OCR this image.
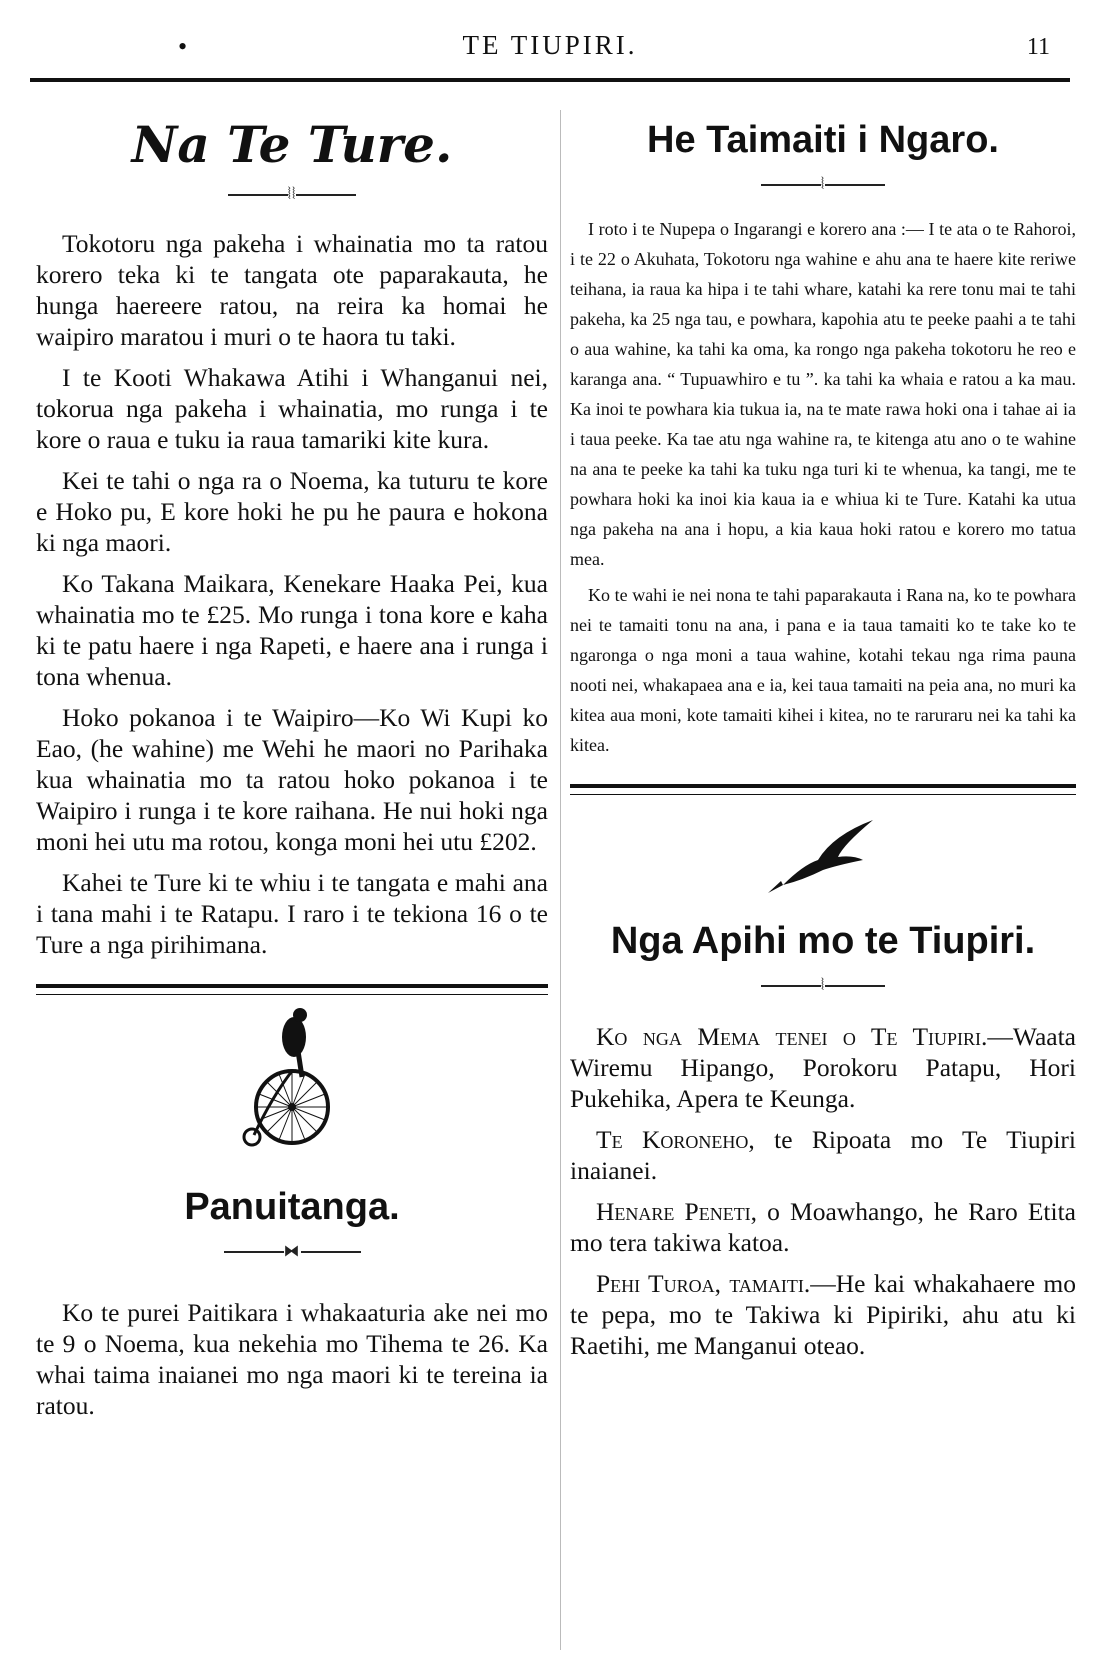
•	TE TIUPIRI.	11
Na Te Ture.
⦚⦚

Tokotoru nga pakeha i whainatia mo ta ratou korero teka ki te tangata ote paparakauta, he hunga haereere ratou, na reira ka homai he waipiro maratou i muri o te haora tu taki.

I te Kooti Whakawa Atihi i Whanganui nei, tokorua nga pakeha i whainatia, mo runga i te kore o raua e tuku ia raua tamariki kite kura.

Kei te tahi o nga ra o Noema, ka tuturu te kore e Hoko pu, E kore hoki he pu he paura e hokona ki nga maori.

Ko Takana Maikara, Kenekare Haaka Pei, kua whainatia mo te £25. Mo runga i tona kore e kaha ki te patu haere i nga Rapeti, e haere ana i runga i tona whenua.

Hoko pokanoa i te Waipiro—Ko Wi Kupi ko Eao, (he wahine) me Wehi he maori no Parihaka kua whainatia mo ta ratou hoko pokanoa i te Waipiro i runga i te kore raihana. He nui hoki nga moni hei utu ma rotou, konga moni hei utu £202.

Kahei te Ture ki te whiu i te tangata e mahi ana i tana mahi i te Ratapu. I raro i te tekiona 16 o te Ture a nga pirihimana.

Panuitanga.
⧓

Ko te purei Paitikara i whakaaturia ake nei mo te 9 o Noema, kua nekehia mo Tihema te 26. Ka whai taima inaianei mo nga maori ki te tereina ia ratou.

He Taimaiti i Ngaro.
⦚

I roto i te Nupepa o Ingarangi e korero ana :— I te ata o te Rahoroi, i te 22 o Akuhata, Tokotoru nga wahine e ahu ana te haere kite reriwe teihana, ia raua ka hipa i te tahi whare, katahi ka rere tonu mai te tahi pakeha, ka 25 nga tau, e powhara, kapohia atu te peeke paahi a te tahi o aua wahine, ka tahi ka oma, ka rongo nga pakeha tokotoru he reo e karanga ana. “ Tupuawhiro e tu ”. ka tahi ka whaia e ratou a ka mau. Ka inoi te powhara kia tukua ia, na te mate rawa hoki ona i tahae ai ia i taua peeke. Ka tae atu nga wahine ra, te kitenga atu ano o te wahine na ana te peeke ka tahi ka tuku nga turi ki te whenua, ka tangi, me te powhara hoki ka inoi kia kaua ia e whiua ki te Ture. Katahi ka utua nga pakeha na ana i hopu, a kia kaua hoki ratou e korero mo tatua mea.

Ko te wahi ie nei nona te tahi paparakauta i Rana na, ko te powhara nei te tamaiti tonu na ana, i pana e ia taua tamaiti ko te take ko te ngaronga o nga moni a taua wahine, kotahi tekau nga rima pauna nooti nei, whakapaea ana e ia, kei taua tamaiti na peia ana, no muri ka kitea aua moni, kote tamaiti kihei i kitea, no te raruraru nei ka tahi ka kitea.

Nga Apihi mo te Tiupiri.
⦚

Ko nga Mema tenei o Te Tiupiri.—Waata Wiremu Hipango, Porokoru Patapu, Hori Pukehika, Apera te Keunga.

Te Koroneho, te Ripoata mo Te Tiupiri inaianei.

Henare Peneti, o Moawhango, he Raro Etita mo tera takiwa katoa.

Pehi Turoa, tamaiti.—He kai whakahaere mo te pepa, mo te Takiwa ki Pipiriki, ahu atu ki Raetihi, me Manganui oteao.
